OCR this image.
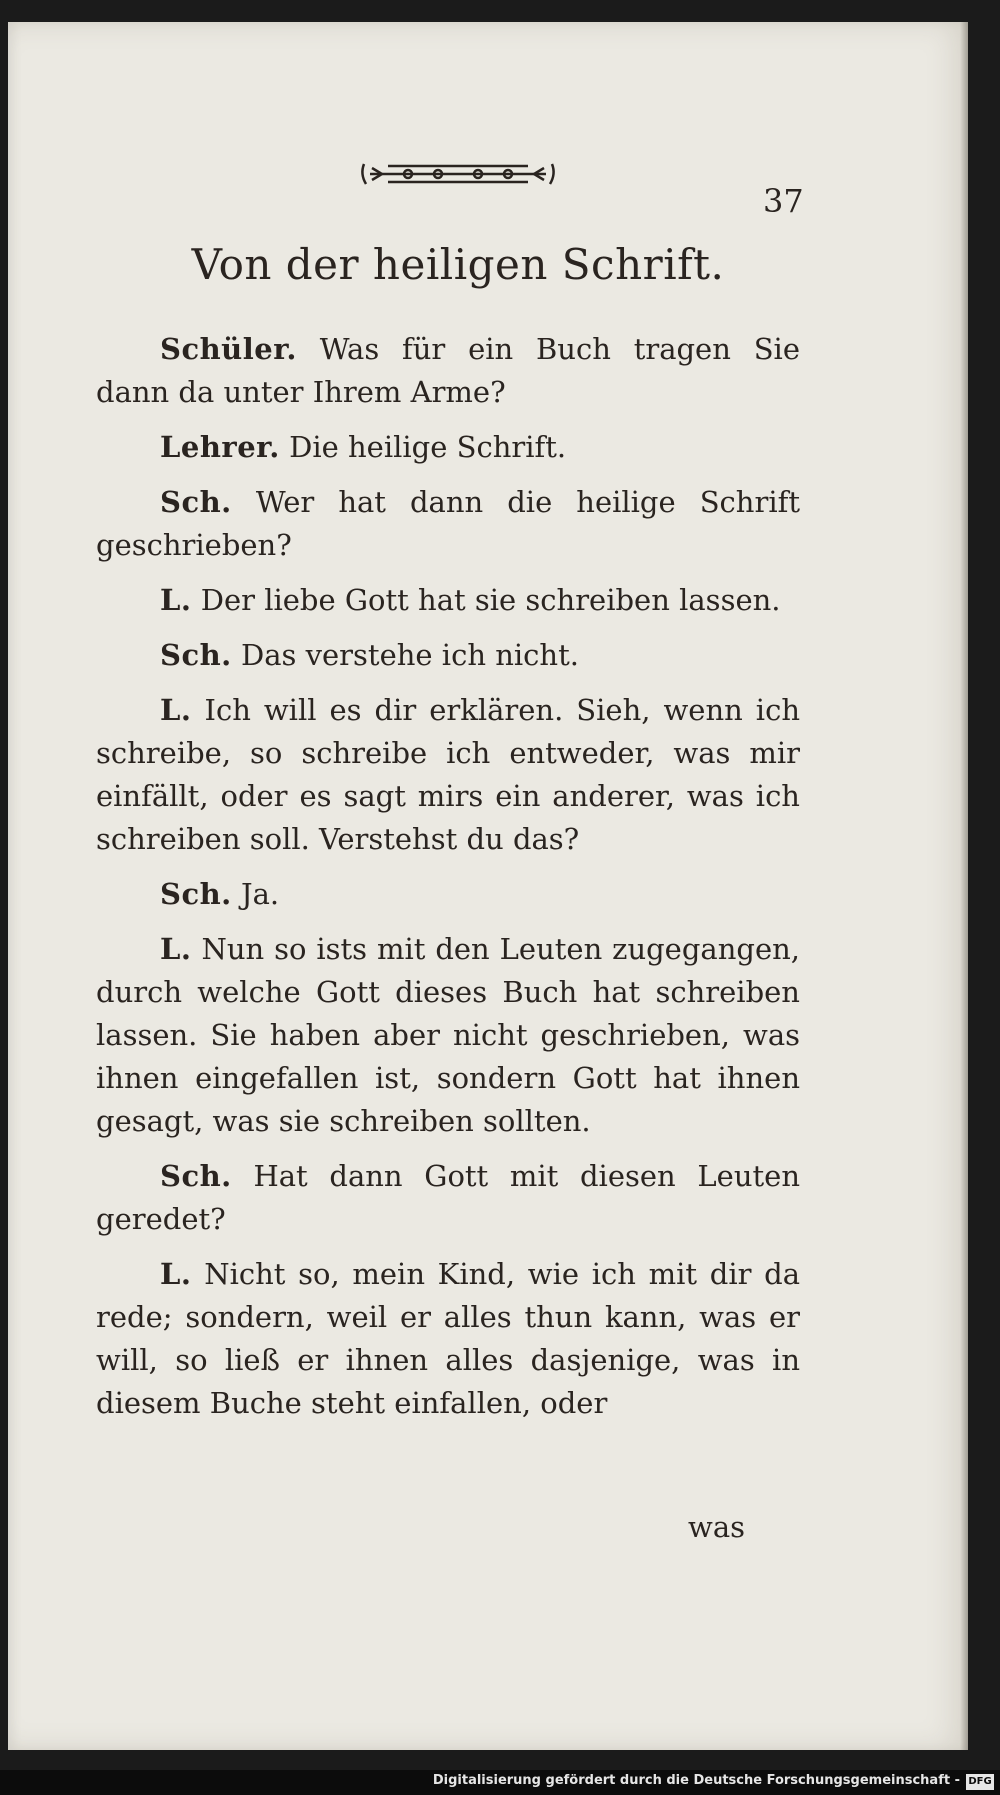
37
Von der heiligen Schrift.

Schüler. Was für ein Buch tragen Sie dann da unter Ihrem Arme?

Lehrer. Die heilige Schrift.

Sch. Wer hat dann die heilige Schrift geschrieben?

L. Der liebe Gott hat sie schreiben lassen.

Sch. Das verstehe ich nicht.

L. Ich will es dir erklären. Sieh, wenn ich schreibe, so schreibe ich entweder, was mir einfällt, oder es sagt mirs ein anderer, was ich schreiben soll. Verstehst du das?

Sch. Ja.

L. Nun so ists mit den Leuten zugegangen, durch welche Gott dieses Buch hat schreiben lassen. Sie haben aber nicht geschrieben, was ihnen eingefallen ist, sondern Gott hat ihnen gesagt, was sie schreiben sollten.

Sch. Hat dann Gott mit diesen Leuten geredet?

L. Nicht so, mein Kind, wie ich mit dir da rede; sondern, weil er alles thun kann, was er will, so ließ er ihnen alles dasjenige, was in diesem Buche steht einfallen, oder

was
Digitalisierung gefördert durch die Deutsche Forschungsgemeinschaft - DFG
